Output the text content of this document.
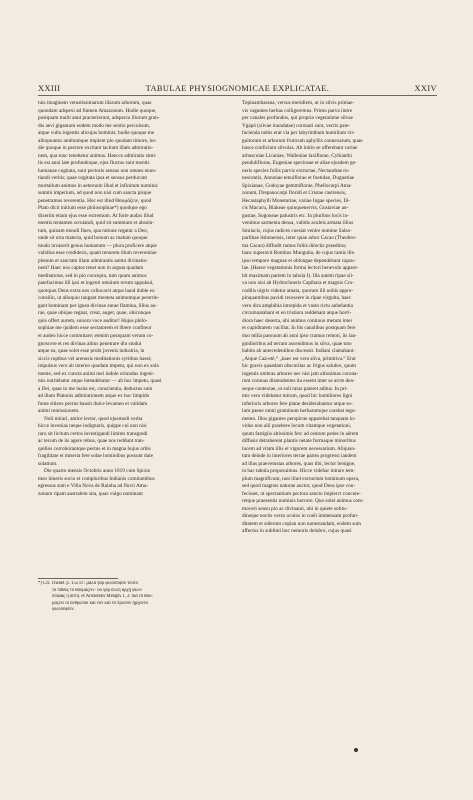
XXIII	TABULAE PHYSIOGNOMICAE EXPLICATAE.	XXIV
tuis imaginem vetustissimarum illarum arborum, quas
quondam adspexi ad fiumen Amazonum. Hodie quoque,
postquam multi anni practerierunt, adspectu illorum gran-
dis aevi gigantum eodem modo me sentio perculsum,
atque vultu ingentis alicujus hominis; hodie quoque me
alloquuntur animumque implent pio quodam timore, ho-
die quoque in pectore excitant tacitam illam admiratio-
nem, qua tunc tenebatur animus. Haecce admiratio simi-
lis est anui late profundoque, ejus fluctus sunt mentis
humanae cogitata, sunt pectoris sensus non omnes enun-
tiandi verbis; quae cogitata ipsa et sensus perducunt
mortalium animos in aeternum illud et infinitum numinis
summi imperium, ad quod non nisi cum sancta pisque
penetramus reverentia. Hoc est illud Θαυμάζειν, quod
Plato dicit initium esse philosophiae*) quodque ego
dixerim etiam ejus esse extremum. At forte audax illud
mentis tentamen scrutandi, quid sit summum et absolu-
tum, quinam mundi fines, qua ratione regatur a Deo,
unde sit orta materia, quid bonum ac malum quoque
modo invaserit genus humanum — plura proficere atque
validius esse credideris, quam tenorem illum reverentiae
plenum et sanctam illam admirantis animi divinatio-
nem? Haec nos captos tenet non in arguta quadam
meditatione, sed in pio concepiu, tum quum animos
patefacimus illi ipsi et ingenti omnium rerum appulsui,
quotquot Deus extra nos collocavit atque hand dubie eo
consilio, ut alloquio tangant menteм animumque perstrin-
gant hominum per ignea divinae aurae flamina, illius au-
rae, quae ubique regnat, creat, auget, quae, ubicunque
quis offert aurem, sonora voce auditur! Hujus philo-
sophiae me quidem esse sectatorem et libere confiteor
et audeo hicce commitare; etenim postquam verum co-
gnoscere et res divinas altius penetrare diu studui
atque ea, quae solet esse probi juvenis industria, in
siccis rupibus vel arenosis meditationis syrtibus haesi;
impulsus vero ab interno quodam impetu, qui non ex sola
mente, sed ex cuncta animi mei indole oriundus ingeni-
mis nutriebatur atque intendebatur — ab hoc impetu, quasi
a Dei, quae in me insita est, conscientia, deductus sum
ad illam Platonis admirationem atque ex hoc limpido
fonte sitiens pectus hausit dulce levamen et validam
animi remissionem.
Noli mirari, amice lector, quod ejusmodi verba
hicce invenias neque indignaris, quippe cui non nisi
raro sit licitum certos investigandi limites transgredi
ac tecum de iis agere rebus, quae nos reddunt tran-
quillos corroborantque pectus et in magna hujus orbis
fragilitate et miseria fere solae hominibus possunt dare
solatium.
Die quarto mensis Octobris anno 1819 cum Spixio
meo itineris socio et compluribus Indianis comitantibus
egressus sum e Villa Nova de Rainha ad fluvii Ama-
zonum ripam australem sita, quas vulgo nominant
*) Cfr. Theaet. p. 155 D.: μάλα γὰρ φιλοσόφου τοῦτο
τὸ πάθος τὸ θαυμάζειν· οὐ γὰρ ἄλλη ἀρχὴ φιλο-
σοφίας ἢ αὕτη. et Aristotelis Metaph. I, 2: διὰ τὸ θαυ-
μάζειν οἱ ἄνθρωποι καὶ νῦν καὶ τὸ πρῶτον ἤρξαντο
φιλοσοφεῖν.
Topinambarana, versus meridiem, ut in silvis primae-
vis vagantes herbas colligeremus. Primo parva iintre
per canales profundos, qui propria vegetatione silvae
Ygapó (silvae inundatae) coronati sunt, vectis pate-
facienda nobis erat via per labyrinthum humilium vir-
gultorum et arborum fruticum aphyllis connexarum, quae
hasce conficiunt silvulas. Ab initio se offerebant variae
arbusculae Licaniae, Walleniae laxiflorae, Cybianthi
penduliflorae, Eugeniae speciosae et aliae ejusdem ge-
neris species foliis parvis extructae, Nectandrae ru-
nescentis, Annonae tenuiflorae et foetidae, Duguetiae
Spixianae, Godoyae gemmiflorae, Phellocarpi Ama-
zonum, Drepanocarpi floridi et Cristae castrensis,
Hecastaphylli Monetariae, variae Ingae species, Ili-
cis Macucu, Blakeae quinquenervis, Gustaviae au-
gustae, Sogoneae palustris etc. In pluribus locis in-
venimus sarmenta densa, validis aculeis armata illius
Smilacis, cujus radices cuesiat venire nomine Salsa-
parilhae lisbonensis, inter quae arbor Cacao (Theobro-
ma Cacao) diffudit ramos foliis directis praeditos;
hanc superavit Bombax Munguba, de cujus ramis illo
ipso tempore magnae et oblongae dependebant capsu-
lae. (Haece vegetationis forma lectori benevolo appare-
bit maximam partem in tabula I). Illa autem ripae sil-
va non nisi ab Hydrochoeris Capibara et magnis Cro-
codilis nigris videtur amata, quorum illi nobis appro-
pinquantibus pavidi recessere in ripae virgulta, haec
vero dira amphibia intrepida et vasto rictu anhelantia
circumnatabant et eo tristiora reddebant atque horri-
diora haec deserta, ubi animus continuo metum inter
et cupiditatem vacillat. In his canalibus postquam fere
duo milia passuum ab anni ipso cramus remoti, iis lan-
guidioribus ad terram ascendimus in silva, quae toto
habitu ab antecedentibus discessit. Indiani clamabant:
„Aique Caá-etê,“ „haec est vera silva, primitiva.“ Erat
hic gravis quaedam obscuritas ac frigus salubre, quum
ingentis umbras arbores nec nisi jam altissimas corona-
rum coronas distendentes ita essent inter se arcte den-
seque contextae, ut soli raras pateret aditus. In pri-
mis vero videbatur mirum, quod hic humiliores ligni
inferioris arbores fere plane desiderabantur atque so-
lum paene omni graminum herbarumque carebat tegu-
mento. Illos gigantes perspicue apparebat tanquam in-
vidos non alii praebere locum vitamque vegetationi,
quum fastigiis altissimis ferc ad centum pedes in aërem
diffusis detraherent plantis netate formaque minoribus
lucem ad vitam illis et vigorem necessarium. Aliquan-
tum deinde in interiores terrae partes progressi iandem
ad illas praevetustas arbores, quas tibi, lector benigne,
in hac tabula proposuimus. Hicce videbar intrare tem-
plum magnificum, non illud extructum hominum opera,
sed quod magnus naturae auctor, quod Deus ipse con-
fecisset, ut spectantium pectora sancto implerct concute-
retque praesentis numinis horrore. Quo solet animus com-
moveri sensu pio ac divinanti, ubi in quiete solitu-
dineque noctis verso oculos in coeli immensam profun-
ditatem et siderum copian non numerandam, eodem sum
affectus in sublimi hoc nemoris delubro, cujus quasi
